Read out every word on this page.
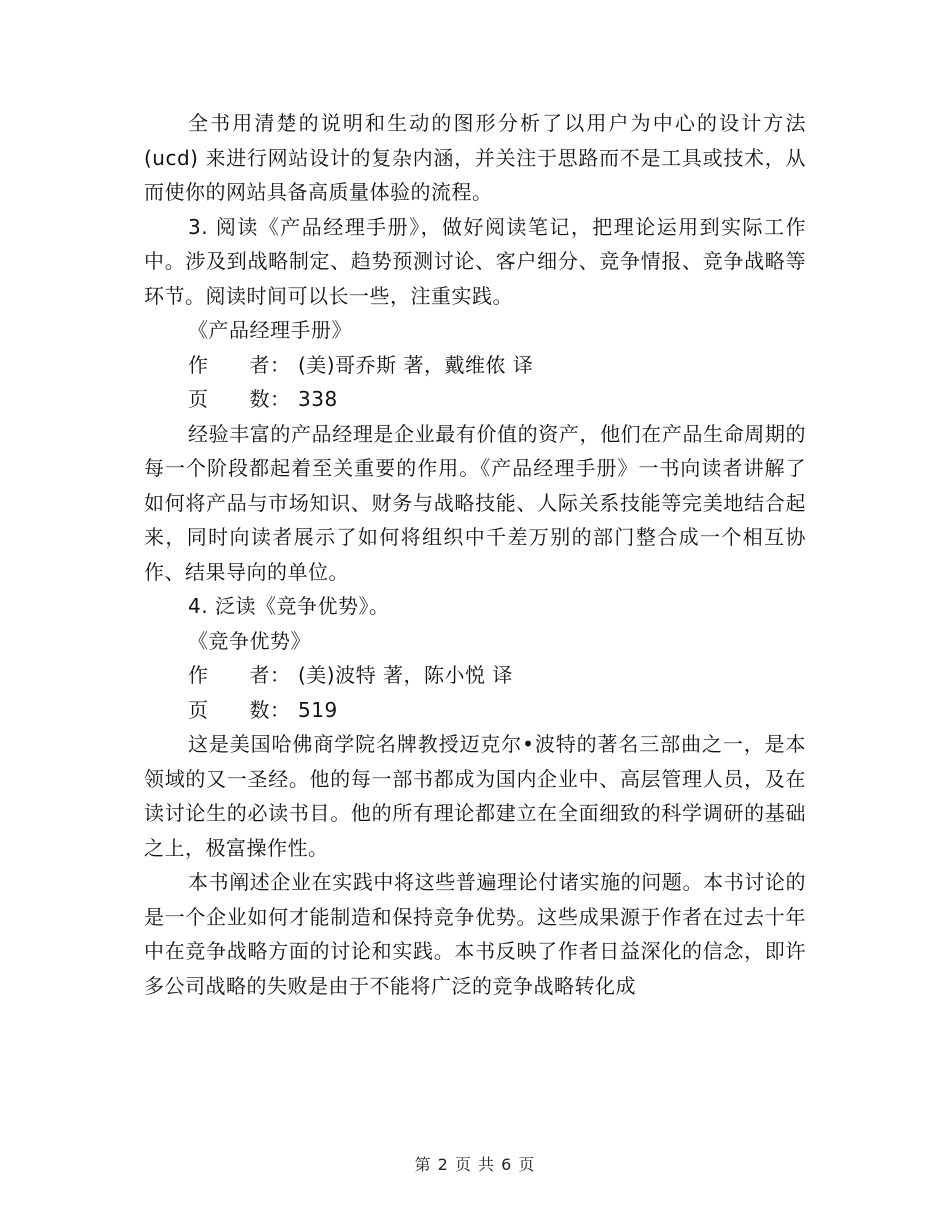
全书用清楚的说明和生动的图形分析了以用户为中心的设计方法(ucd) 来进行网站设计的复杂内涵，并关注于思路而不是工具或技术，从而使你的网站具备高质量体验的流程。

3. 阅读《产品经理手册》，做好阅读笔记，把理论运用到实际工作中。涉及到战略制定、趋势预测讨论、客户细分、竞争情报、竞争战略等环节。阅读时间可以长一些，注重实践。

《产品经理手册》

作　　者： (美)哥乔斯 著，戴维侬 译

页　　数： 338

经验丰富的产品经理是企业最有价值的资产，他们在产品生命周期的每一个阶段都起着至关重要的作用。《产品经理手册》一书向读者讲解了如何将产品与市场知识、财务与战略技能、人际关系技能等完美地结合起来，同时向读者展示了如何将组织中千差万别的部门整合成一个相互协作、结果导向的单位。

4. 泛读《竞争优势》。

《竞争优势》

作　　者： (美)波特 著，陈小悦 译

页　　数： 519

这是美国哈佛商学院名牌教授迈克尔•波特的著名三部曲之一，是本领域的又一圣经。他的每一部书都成为国内企业中、高层管理人员，及在读讨论生的必读书目。他的所有理论都建立在全面细致的科学调研的基础之上，极富操作性。

本书阐述企业在实践中将这些普遍理论付诸实施的问题。本书讨论的是一个企业如何才能制造和保持竞争优势。这些成果源于作者在过去十年中在竞争战略方面的讨论和实践。本书反映了作者日益深化的信念，即许多公司战略的失败是由于不能将广泛的竞争战略转化成

第 2 页 共 6 页
